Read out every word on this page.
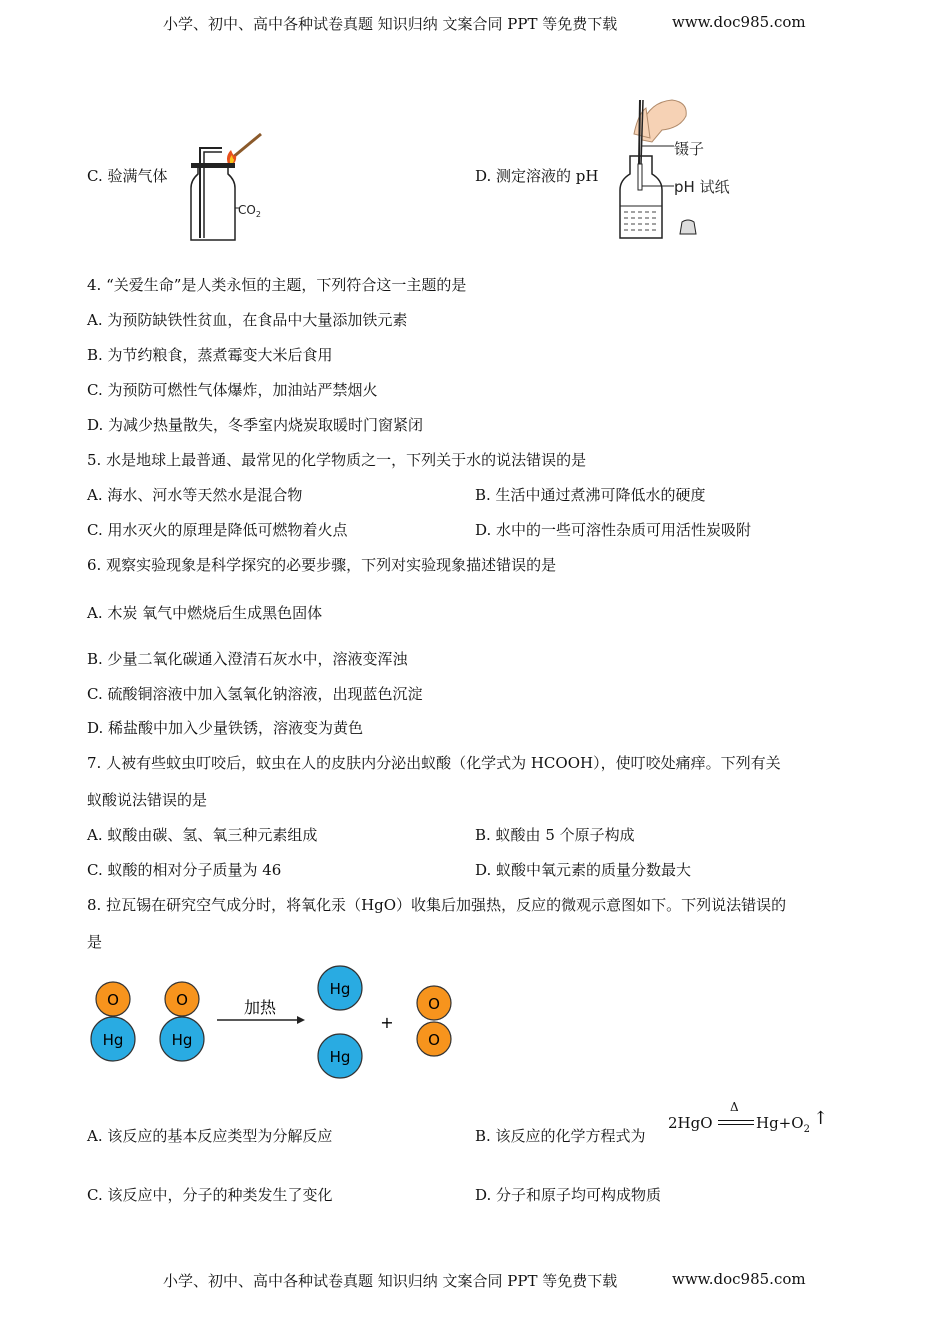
小学、初中、高中各种试卷真题 知识归纳 文案合同 PPT 等免费下载	www.doc985.com
C. 验满气体
$CO_2$
D. 测定溶液的 pH
镊子
pH 试纸
4. “关爱生命”是人类永恒的主题，下列符合这一主题的是
A. 为预防缺铁性贫血，在食品中大量添加铁元素
B. 为节约粮食，蒸煮霉变大米后食用
C. 为预防可燃性气体爆炸，加油站严禁烟火
D. 为减少热量散失，冬季室内烧炭取暖时门窗紧闭
5. 水是地球上最普通、最常见的化学物质之一，下列关于水的说法错误的是
A. 海水、河水等天然水是混合物	B. 生活中通过煮沸可降低水的硬度
C. 用水灭火的原理是降低可燃物着火点	D. 水中的一些可溶性杂质可用活性炭吸附
6. 观察实验现象是科学探究的必要步骤，下列对实验现象描述错误的是
A. 木炭 氧气中燃烧后生成黑色固体
B. 少量二氧化碳通入澄清石灰水中，溶液变浑浊
C. 硫酸铜溶液中加入氢氧化钠溶液，出现蓝色沉淀
D. 稀盐酸中加入少量铁锈，溶液变为黄色
7. 人被有些蚊虫叮咬后，蚊虫在人的皮肤内分泌出蚁酸（化学式为 HCOOH），使叮咬处痛痒。下列有关
蚁酸说法错误的是
A. 蚁酸由碳、氢、氧三种元素组成	B. 蚁酸由 5 个原子构成
C. 蚁酸的相对分子质量为 46	D. 蚁酸中氧元素的质量分数最大
8. 拉瓦锡在研究空气成分时，将氧化汞（HgO）收集后加强热，反应的微观示意图如下。下列说法错误的
是
O
Hg
O
Hg
加热
Hg
Hg
+
O
O
A. 该反应的基本反应类型为分解反应	B. 该反应的化学方程式为
2HgO
Δ
$Hg+O_2$
↑
C. 该反应中，分子的种类发生了变化	D. 分子和原子均可构成物质
小学、初中、高中各种试卷真题 知识归纳 文案合同 PPT 等免费下载	www.doc985.com
